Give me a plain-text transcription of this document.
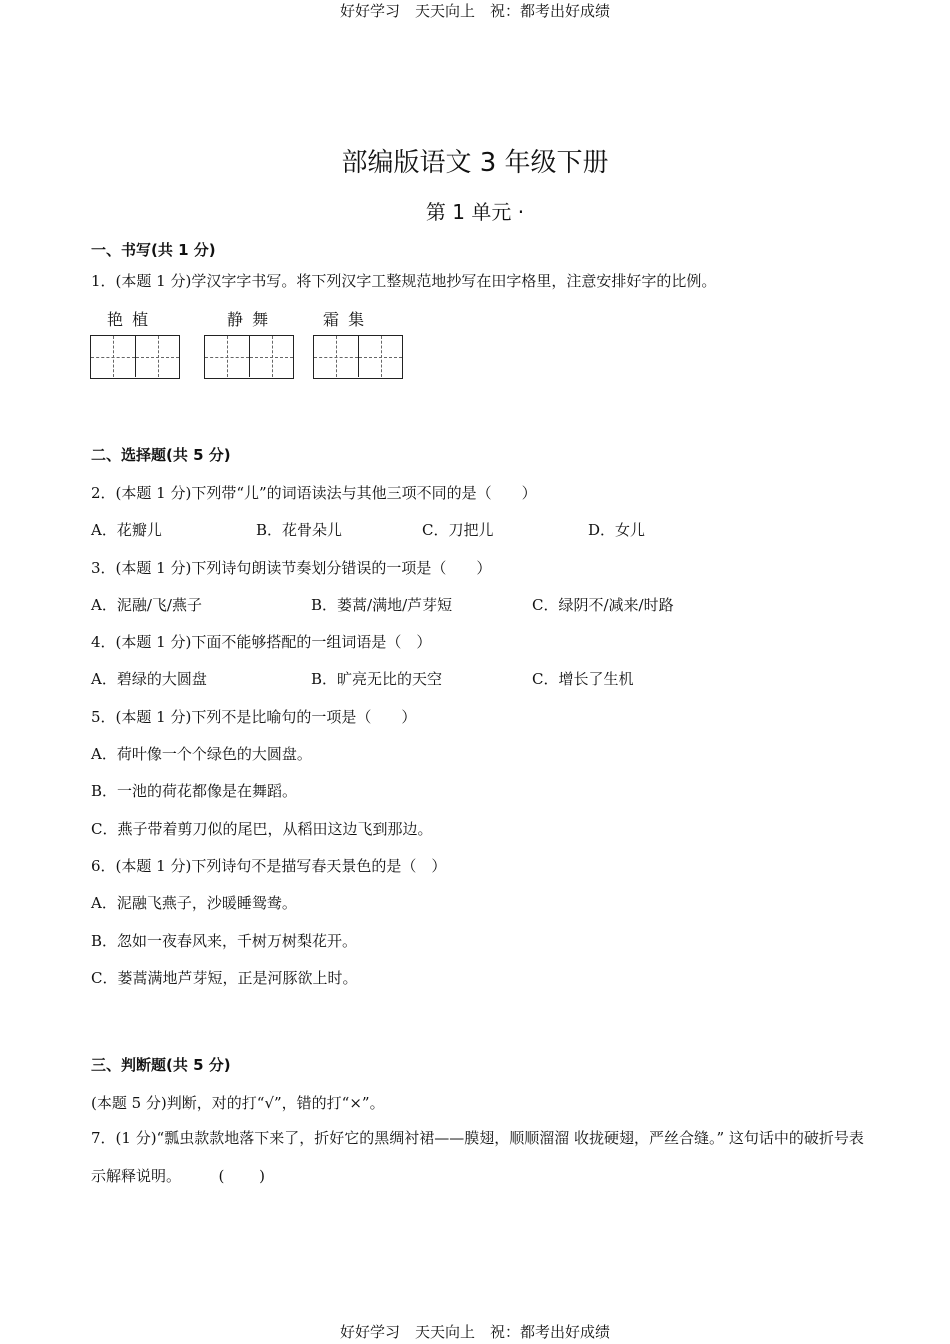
好好学习　天天向上　祝：都考出好成绩
部编版语文 3 年级下册
第 1 单元 ·
一、书写(共 1 分)
1．(本题 1 分)学汉字字书写。将下列汉字工整规范地抄写在田字格里，注意安排好字的比例。
艳 植	静 舞	霜 集
二、选择题(共 5 分)
2．(本题 1 分)下列带“儿”的词语读法与其他三项不同的是（　　）
A．花瓣儿	B．花骨朵儿	C．刀把儿	D．女儿
3．(本题 1 分)下列诗句朗读节奏划分错误的一项是（　　）
A．泥融/飞/燕子	B．蒌蒿/满地/芦芽短	C．绿阴不/减来/时路
4．(本题 1 分)下面不能够搭配的一组词语是（　）
A．碧绿的大圆盘	B．旷亮无比的天空	C．增长了生机
5．(本题 1 分)下列不是比喻句的一项是（　　）
A．荷叶像一个个绿色的大圆盘。
B．一池的荷花都像是在舞蹈。
C．燕子带着剪刀似的尾巴，从稻田这边飞到那边。
6．(本题 1 分)下列诗句不是描写春天景色的是（　）
A．泥融飞燕子，沙暖睡鸳鸯。
B．忽如一夜春风来，千树万树梨花开。
C．蒌蒿满地芦芽短，正是河豚欲上时。
三、判断题(共 5 分)
(本题 5 分)判断，对的打“√”，错的打“×”。
7．(1 分)“瓢虫款款地落下来了，折好它的黑绸衬裙——膜翅，顺顺溜溜 收拢硬翅，严丝合缝。” 这句话中的破折号表示解释说明。　　　(　　 )
好好学习　天天向上　祝：都考出好成绩
